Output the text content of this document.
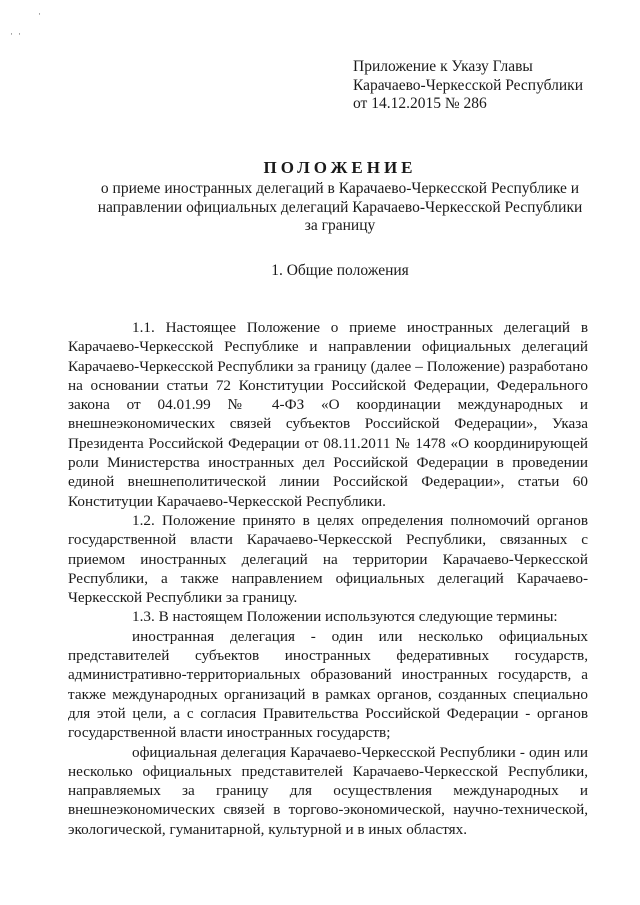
·
· ·
Приложение к Указу Главы
Карачаево-Черкесской Республики
от 14.12.2015 № 286
ПОЛОЖЕНИЕ
о приеме иностранных делегаций в Карачаево-Черкесской Республике и
направлении официальных делегаций Карачаево-Черкесской Республики
за границу
1. Общие положения

1.1. Настоящее Положение о приеме иностранных делегаций в Карачаево-Черкесской Республике и направлении официальных делегаций Карачаево-Черкесской Республики за границу (далее – Положение) разработано на основании статьи 72 Конституции Российской Федерации, Федерального закона от 04.01.99 № 4-ФЗ «О координации международных и внешнеэкономических связей субъектов Российской Федерации», Указа Президента Российской Федерации от 08.11.2011 № 1478 «О координирующей роли Министерства иностранных дел Российской Федерации в проведении единой внешнеполитической линии Российской Федерации», статьи 60 Конституции Карачаево-Черкесской Республики.

1.2. Положение принято в целях определения полномочий органов государственной власти Карачаево-Черкесской Республики, связанных с приемом иностранных делегаций на территории Карачаево-Черкесской Республики, а также направлением официальных делегаций Карачаево-Черкесской Республики за границу.

1.3. В настоящем Положении используются следующие термины:

иностранная делегация - один или несколько официальных представителей субъектов иностранных федеративных государств, административно-территориальных образований иностранных государств, а также международных организаций в рамках органов, созданных специально для этой цели, а с согласия Правительства Российской Федерации - органов государственной власти иностранных государств;

официальная делегация Карачаево-Черкесской Республики - один или несколько официальных представителей Карачаево-Черкесской Республики, направляемых за границу для осуществления международных и внешнеэкономических связей в торгово-экономической, научно-технической, экологической, гуманитарной, культурной и в иных областях.
